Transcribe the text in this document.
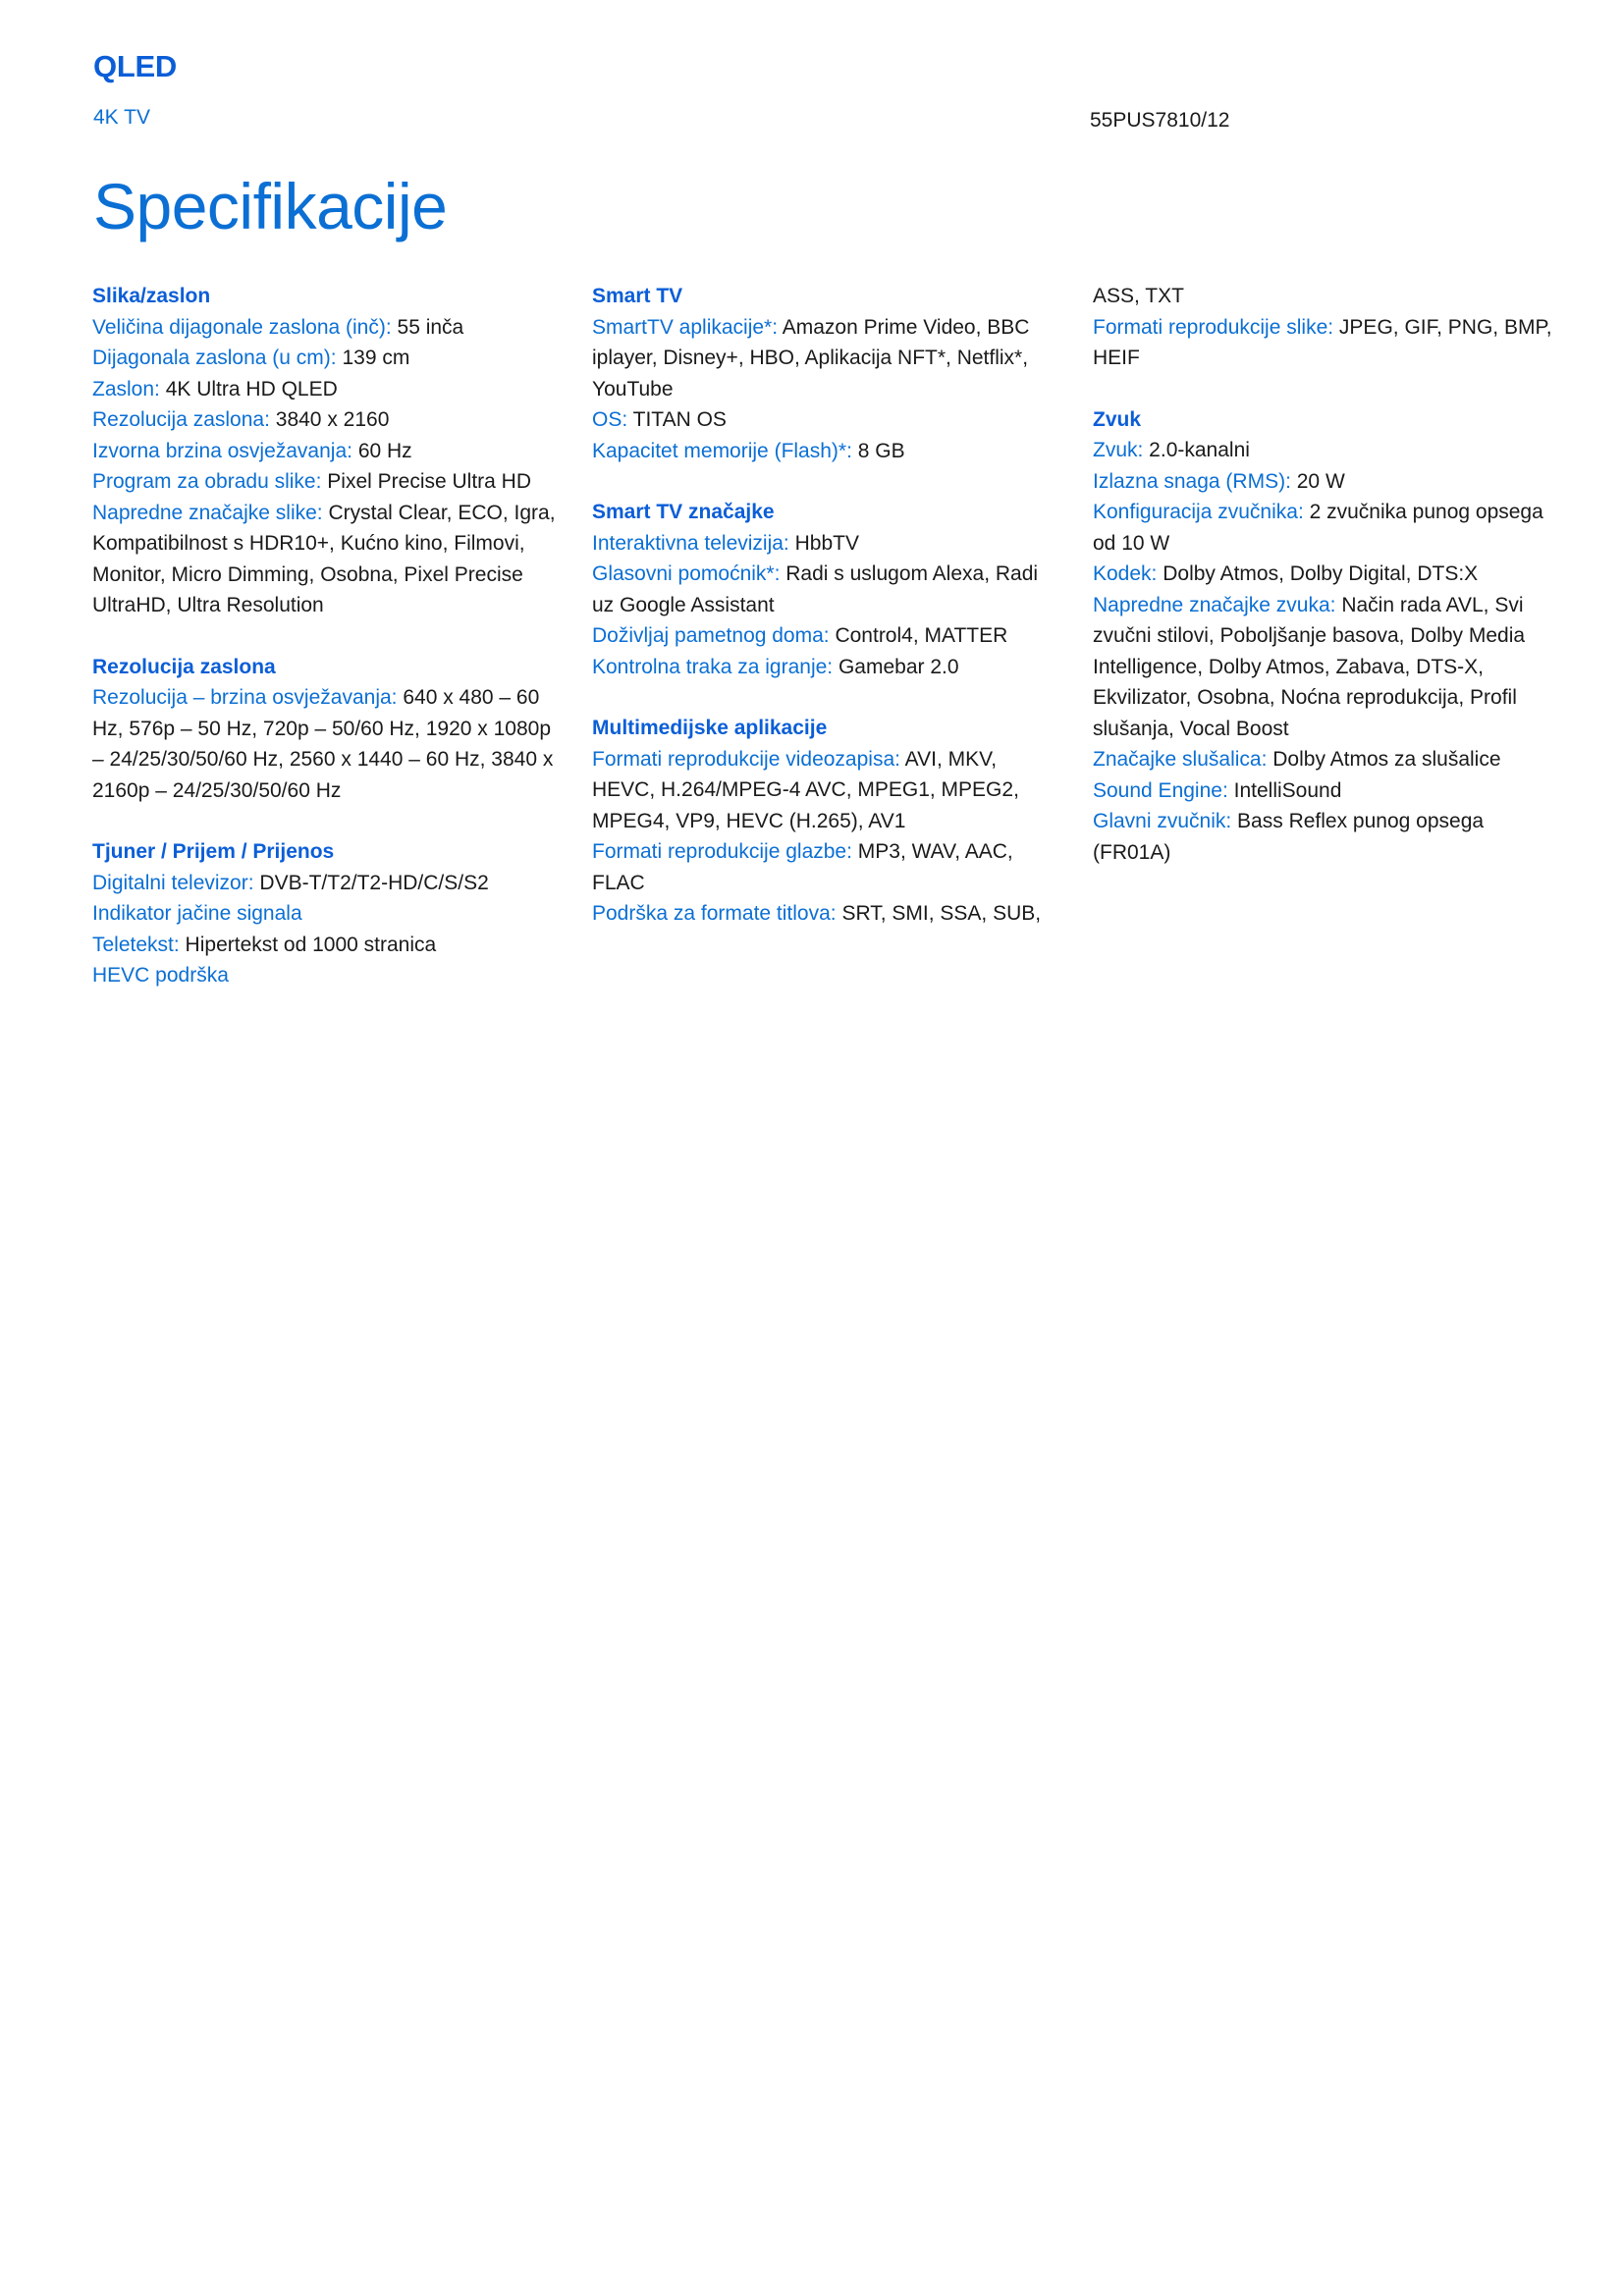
QLED
4K TV	55PUS7810/12
Specifikacije
Slika/zaslon
Veličina dijagonale zaslona (inč): 55 inča
Dijagonala zaslona (u cm): 139 cm
Zaslon: 4K Ultra HD QLED
Rezolucija zaslona: 3840 x 2160
Izvorna brzina osvježavanja: 60 Hz
Program za obradu slike: Pixel Precise Ultra HD
Napredne značajke slike: Crystal Clear, ECO, Igra, Kompatibilnost s HDR10+, Kućno kino, Filmovi, Monitor, Micro Dimming, Osobna, Pixel Precise UltraHD, Ultra Resolution
Rezolucija zaslona
Rezolucija – brzina osvježavanja: 640 x 480 – 60 Hz, 576p – 50 Hz, 720p – 50/60 Hz, 1920 x 1080p – 24/25/30/50/60 Hz, 2560 x 1440 – 60 Hz, 3840 x 2160p – 24/25/30/50/60 Hz
Tjuner / Prijem / Prijenos
Digitalni televizor: DVB-T/T2/T2-HD/C/S/S2
Indikator jačine signala
Teletekst: Hipertekst od 1000 stranica
HEVC podrška
Smart TV
SmartTV aplikacije*: Amazon Prime Video, BBC iplayer, Disney+, HBO, Aplikacija NFT*, Netflix*, YouTube
OS: TITAN OS
Kapacitet memorije (Flash)*: 8 GB
Smart TV značajke
Interaktivna televizija: HbbTV
Glasovni pomoćnik*: Radi s uslugom Alexa, Radi uz Google Assistant
Doživljaj pametnog doma: Control4, MATTER
Kontrolna traka za igranje: Gamebar 2.0
Multimedijske aplikacije
Formati reprodukcije videozapisa: AVI, MKV, HEVC, H.264/MPEG-4 AVC, MPEG1, MPEG2, MPEG4, VP9, HEVC (H.265), AV1
Formati reprodukcije glazbe: MP3, WAV, AAC, FLAC
Podrška za formate titlova: SRT, SMI, SSA, SUB,
ASS, TXT
Formati reprodukcije slike: JPEG, GIF, PNG, BMP, HEIF
Zvuk
Zvuk: 2.0-kanalni
Izlazna snaga (RMS): 20 W
Konfiguracija zvučnika: 2 zvučnika punog opsega od 10 W
Kodek: Dolby Atmos, Dolby Digital, DTS:X
Napredne značajke zvuka: Način rada AVL, Svi zvučni stilovi, Poboljšanje basova, Dolby Media Intelligence, Dolby Atmos, Zabava, DTS-X, Ekvilizator, Osobna, Noćna reprodukcija, Profil slušanja, Vocal Boost
Značajke slušalica: Dolby Atmos za slušalice
Sound Engine: IntelliSound
Glavni zvučnik: Bass Reflex punog opsega (FR01A)
